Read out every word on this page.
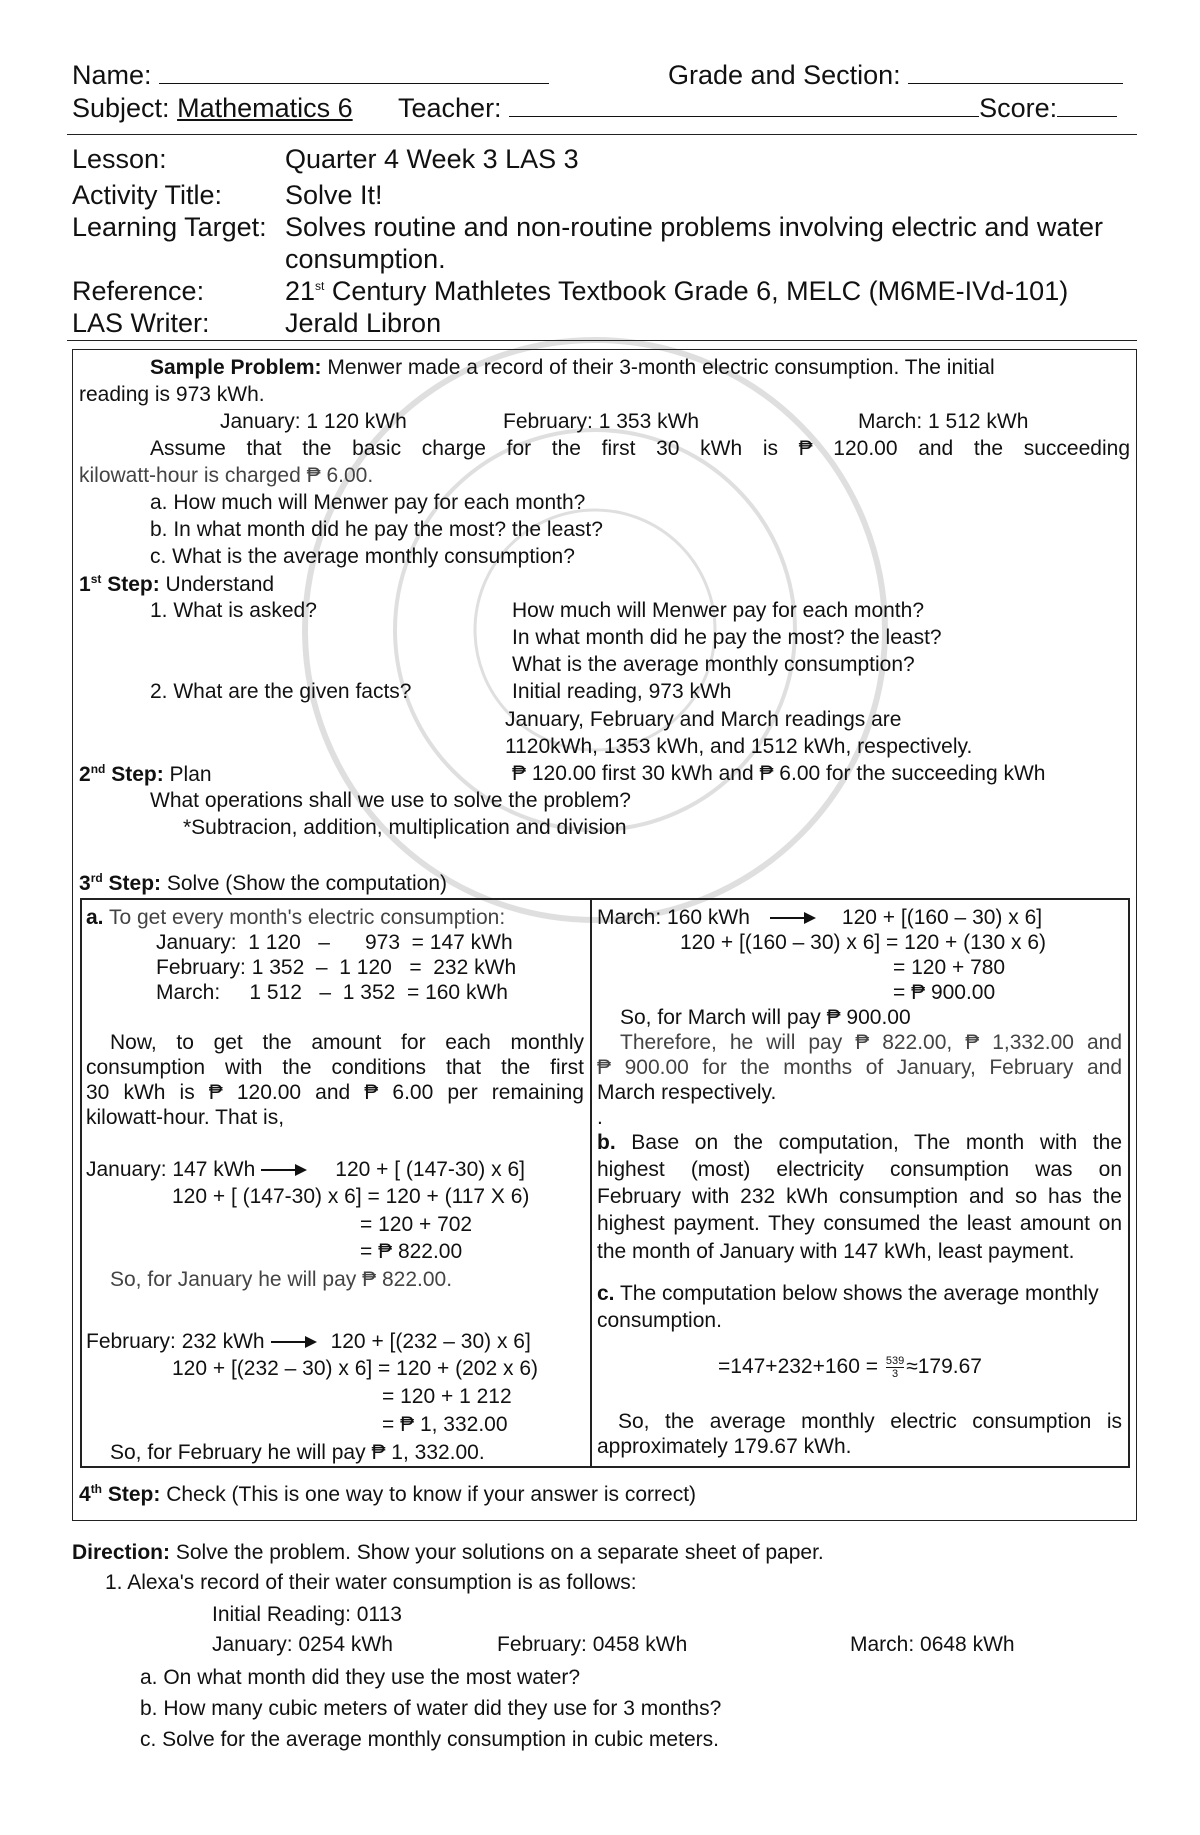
Name:	Grade and Section:
Subject: Mathematics 6 Teacher:	Score:
Lesson:	Quarter 4 Week 3 LAS 3
Activity Title: Solve It!
Learning Target: Solves routine and non-routine problems involving electric and water
consumption.
Reference:	21st Century Mathletes Textbook Grade 6, MELC (M6ME-IVd-101)
LAS Writer:	Jerald Libron
Sample Problem: Menwer made a record of their 3-month electric consumption. The initial
reading is 973 kWh.
January: 1 120 kWh	February: 1 353 kWh	March: 1 512 kWh
Assume that the basic charge for the first 30 kWh is ₱ 120.00 and the succeeding
kilowatt-hour is charged ₱ 6.00.
a. How much will Menwer pay for each month?
b. In what month did he pay the most? the least?
c. What is the average monthly consumption?
1st Step: Understand
1. What is asked?	How much will Menwer pay for each month?
In what month did he pay the most? the least?
What is the average monthly consumption?
2. What are the given facts?	Initial reading, 973 kWh
January, February and March readings are
1120kWh, 1353 kWh, and 1512 kWh, respectively.
2nd Step: Plan	₱ 120.00 first 30 kWh and ₱ 6.00 for the succeeding kWh
What operations shall we use to solve the problem?
*Subtracion, addition, multiplication and division
3rd Step: Solve (Show the computation)
a. To get every month's electric consumption:
January:  1 120   –      973  = 147 kWh
February: 1 352  –  1 120   =  232 kWh
March:     1 512   –  1 352  = 160 kWh
Now, to get the amount for each monthly
consumption with the conditions that the first
30 kWh is ₱ 120.00 and ₱ 6.00 per remaining
kilowatt-hour. That is,
January: 147 kWh	120 + [ (147-30) x 6]
120 + [ (147-30) x 6] = 120 + (117 X 6)
= 120 + 702
= ₱ 822.00
So, for January he will pay ₱ 822.00.
February: 232 kWh	120 + [(232 – 30) x 6]
120 + [(232 – 30) x 6] = 120 + (202 x 6)
= 120 + 1 212
= ₱ 1, 332.00
So, for February he will pay ₱ 1, 332.00.
March: 160 kWh	120 + [(160 – 30) x 6]
120 + [(160 – 30) x 6] = 120 + (130 x 6)
= 120 + 780
= ₱ 900.00
So, for March will pay ₱ 900.00
Therefore, he will pay ₱ 822.00, ₱ 1,332.00 and
₱ 900.00 for the months of January, February and
March respectively.
.
b. Base on the computation, The month with the
highest (most) electricity consumption was on
February with 232 kWh consumption and so has the
highest payment. They consumed the least amount on
the month of January with 147 kWh, least payment.
c. The computation below shows the average monthly
consumption.
$=147+232+160 = \frac{539}{3} \approx 179.67$
So, the average monthly electric consumption is
approximately 179.67 kWh.
4th Step: Check (This is one way to know if your answer is correct)
Direction: Solve the problem. Show your solutions on a separate sheet of paper.
1. Alexa's record of their water consumption is as follows:
Initial Reading: 0113
January: 0254 kWh	February: 0458 kWh	March: 0648 kWh
a. On what month did they use the most water?
b. How many cubic meters of water did they use for 3 months?
c. Solve for the average monthly consumption in cubic meters.
